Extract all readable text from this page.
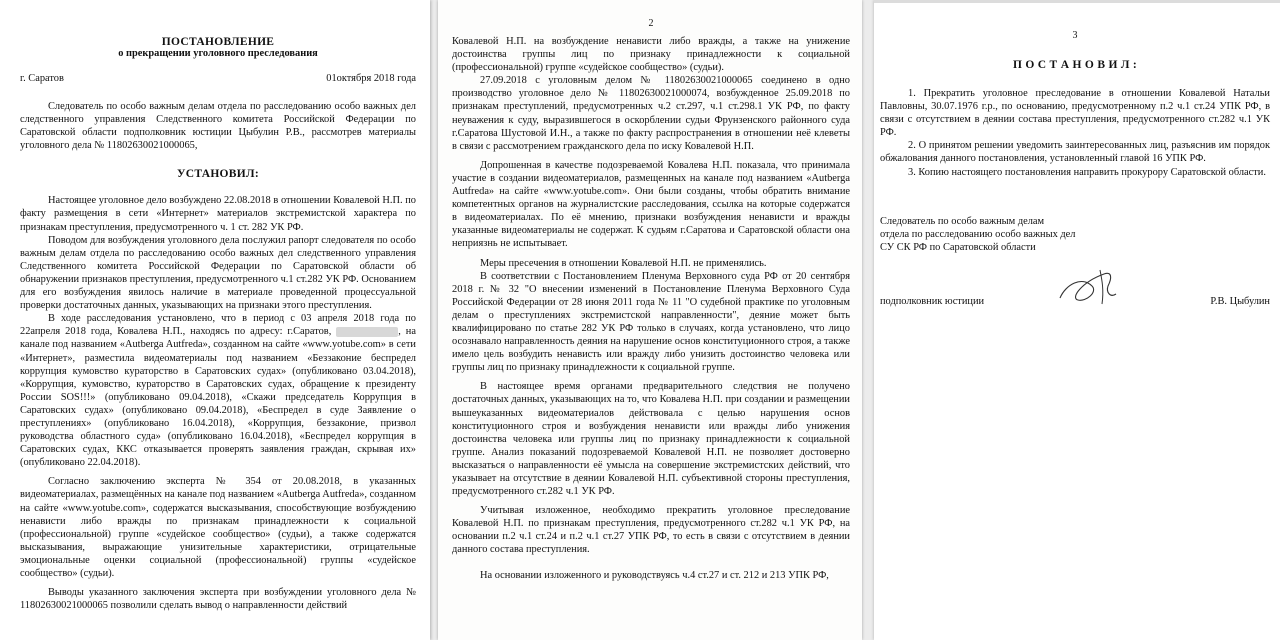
ПОСТАНОВЛЕНИЕ

о прекращении уголовного преследования

г. Саратов	01октября 2018 года

Следователь по особо важным делам отдела по расследованию особо важных дел следственного управления Следственного комитета Российской Федерации по Саратовской области подполковник юстиции Цыбулин Р.В., рассмотрев материалы уголовного дела № 11802630021000065,

УСТАНОВИЛ:

Настоящее уголовное дело возбуждено 22.08.2018 в отношении Ковалевой Н.П. по факту размещения в сети «Интернет» материалов экстремистской характера по признакам преступления, предусмотренного ч. 1 ст. 282 УК РФ.

Поводом для возбуждения уголовного дела послужил рапорт следователя по особо важным делам отдела по расследованию особо важных дел следственного управления Следственного комитета Российской Федерации по Саратовской области об обнаружении признаков преступления, предусмотренного ч.1 ст.282 УК РФ. Основанием для его возбуждения явилось наличие в материале проведенной процессуальной проверки достаточных данных, указывающих на признаки этого преступления.

В ходе расследования установлено, что в период с 03 апреля 2018 года по 22апреля 2018 года, Ковалева Н.П., находясь по адресу: г.Саратов,	, на канале под названием «Autberga Autfreda», созданном на сайте «www.yotube.com» в сети «Интернет», разместила видеоматериалы под названием «Беззаконие беспредел коррупция кумовство кураторство в Саратовских судах» (опубликовано 03.04.2018), «Коррупция, кумовство, кураторство в Саратовских судах, обращение к президенту России SOS!!!» (опубликовано 09.04.2018), «Скажи председатель Коррупция в Саратовских судах» (опубликовано 09.04.2018), «Беспредел в суде Заявление о преступлениях» (опубликовано 16.04.2018), «Коррупция, беззаконие, призвол руководства областного суда» (опубликовано 16.04.2018), «Беспредел коррупция в Саратовских судах, ККС отказывается проверять заявления граждан, скрывая их» (опубликовано 22.04.2018).

Согласно заключению эксперта № 354 от 20.08.2018, в указанных видеоматериалах, размещённых на канале под названием «Autberga Autfreda», созданном на сайте «www.yotube.com», содержатся высказывания, способствующие возбуждению ненависти либо вражды по признакам принадлежности к социальной (профессиональной) группе «судейское сообщество» (судьи), а также содержатся высказывания, выражающие унизительные характеристики, отрицательные эмоциональные оценки социальной (профессиональной) группы «судейское сообщество» (судьи).

Выводы указанного заключения эксперта при возбуждении уголовного дела № 11802630021000065 позволили сделать вывод о направленности действий

2

Ковалевой Н.П. на возбуждение ненависти либо вражды, а также на унижение достоинства группы лиц по признаку принадлежности к социальной (профессиональной) группе «судейское сообщество» (судьи).

27.09.2018 с уголовным делом № 11802630021000065 соединено в одно производство уголовное дело № 11802630021000074, возбужденное 25.09.2018 по признакам преступлений, предусмотренных ч.2 ст.297, ч.1 ст.298.1 УК РФ, по факту неуважения к суду, выразившегося в оскорблении судьи Фрунзенского районного суда г.Саратова Шустовой И.Н., а также по факту распространения в отношении неё клеветы в связи с рассмотрением гражданского дела по иску Ковалевой Н.П.

Допрошенная в качестве подозреваемой Ковалева Н.П. показала, что принимала участие в создании видеоматериалов, размещенных на канале под названием «Autberga Autfreda» на сайте «www.yotube.com». Они были созданы, чтобы обратить внимание компетентных органов на журналистские расследования, ссылка на которые содержатся в видеоматериалах. По её мнению, признаки возбуждения ненависти и вражды указанные видеоматериалы не содержат. К судьям г.Саратова и Саратовской области она неприязнь не испытывает.

Меры пресечения в отношении Ковалевой Н.П. не применялись.

В соответствии с Постановлением Пленума Верховного суда РФ от 20 сентября 2018 г. № 32 "О внесении изменений в Постановление Пленума Верховного Суда Российской Федерации от 28 июня 2011 года № 11 "О судебной практике по уголовным делам о преступлениях экстремистской направленности", деяние может быть квалифицировано по статье 282 УК РФ только в случаях, когда установлено, что лицо осознавало направленность деяния на нарушение основ конституционного строя, а также имело цель возбудить ненависть или вражду либо унизить достоинство человека или группы лиц по признаку принадлежности к социальной группе.

В настоящее время органами предварительного следствия не получено достаточных данных, указывающих на то, что Ковалева Н.П. при создании и размещении вышеуказанных видеоматериалов действовала с целью нарушения основ конституционного строя и возбуждения ненависти или вражды либо унижения достоинства человека или группы лиц по признаку принадлежности к социальной группе. Анализ показаний подозреваемой Ковалевой Н.П. не позволяет достоверно высказаться о направленности её умысла на совершение экстремистских действий, что указывает на отсутствие в деянии Ковалевой Н.П. субъективной стороны преступления, предусмотренного ст.282 ч.1 УК РФ.

Учитывая изложенное, необходимо прекратить уголовное преследование Ковалевой Н.П. по признакам преступления, предусмотренного ст.282 ч.1 УК РФ, на основании п.2 ч.1 ст.24 и п.2 ч.1 ст.27 УПК РФ, то есть в связи с отсутствием в деянии данного состава преступления.

На основании изложенного и руководствуясь ч.4 ст.27 и ст. 212 и 213 УПК РФ,

3

П О С Т А Н О В И Л :

1. Прекратить уголовное преследование в отношении Ковалевой Натальи Павловны, 30.07.1976 г.р., по основанию, предусмотренному п.2 ч.1 ст.24 УПК РФ, в связи с отсутствием в деянии состава преступления, предусмотренного ст.282 ч.1 УК РФ.

2. О принятом решении уведомить заинтересованных лиц, разъяснив им порядок обжалования данного постановления, установленный главой 16 УПК РФ.

3. Копию настоящего постановления направить прокурору Саратовской области.

Следователь по особо важным делам
отдела по расследованию особо важных дел
СУ СК РФ по Саратовской области
подполковник юстиции	Р.В. Цыбулин
